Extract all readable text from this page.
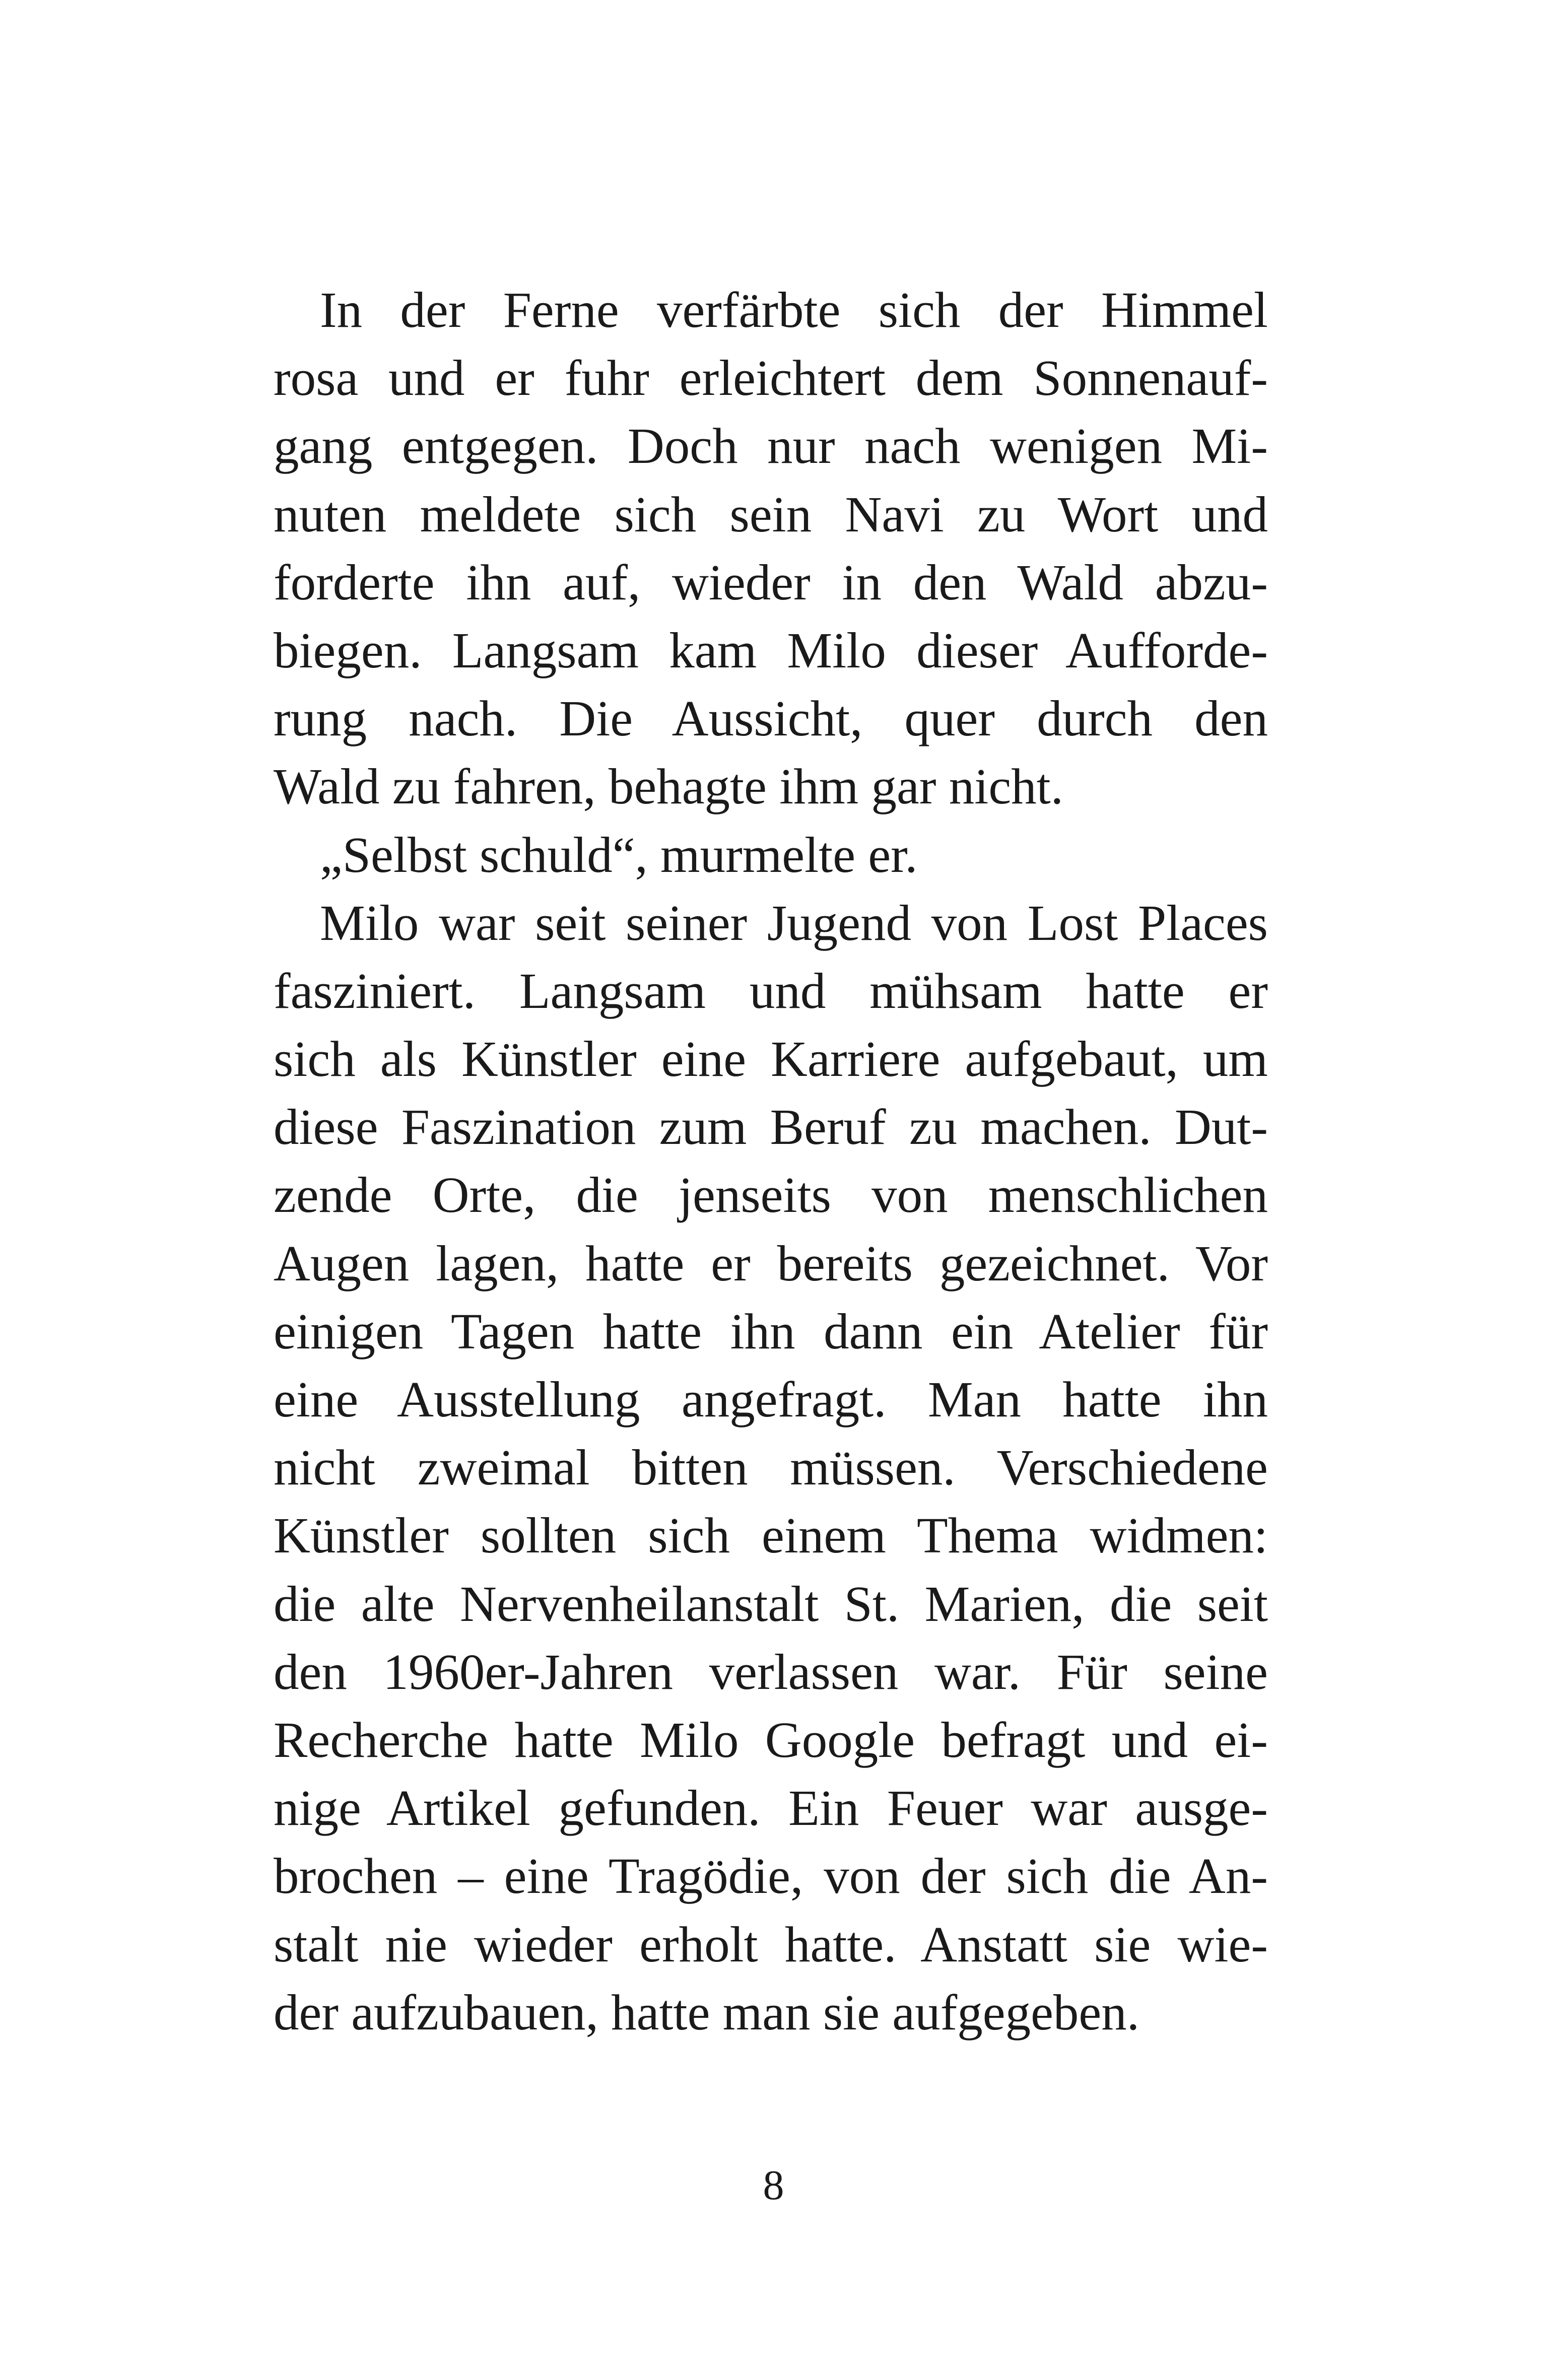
In der Ferne verfärbte sich der Himmel
rosa und er fuhr erleichtert dem Sonnenauf-
gang entgegen. Doch nur nach wenigen Mi-
nuten meldete sich sein Navi zu Wort und
forderte ihn auf, wieder in den Wald abzu-
biegen. Langsam kam Milo dieser Aufforde-
rung nach. Die Aussicht, quer durch den
Wald zu fahren, behagte ihm gar nicht.
„Selbst schuld“, murmelte er.
Milo war seit seiner Jugend von Lost Places
fasziniert. Langsam und mühsam hatte er
sich als Künstler eine Karriere aufgebaut, um
diese Faszination zum Beruf zu machen. Dut-
zende Orte, die jenseits von menschlichen
Augen lagen, hatte er bereits gezeichnet. Vor
einigen Tagen hatte ihn dann ein Atelier für
eine Ausstellung angefragt. Man hatte ihn
nicht zweimal bitten müssen. Verschiedene
Künstler sollten sich einem Thema widmen:
die alte Nervenheilanstalt St. Marien, die seit
den 1960er-Jahren verlassen war. Für seine
Recherche hatte Milo Google befragt und ei-
nige Artikel gefunden. Ein Feuer war ausge-
brochen – eine Tragödie, von der sich die An-
stalt nie wieder erholt hatte. Anstatt sie wie-
der aufzubauen, hatte man sie aufgegeben.
8
